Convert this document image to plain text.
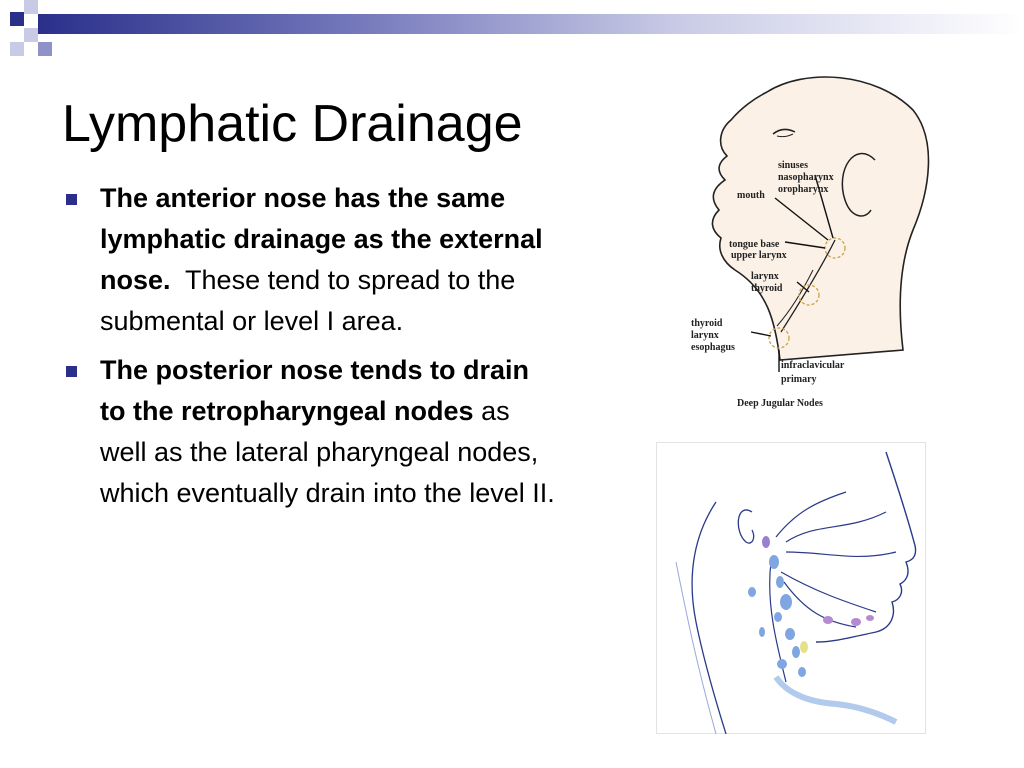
Lymphatic Drainage
The anterior nose has the same lymphatic drainage as the external nose. These tend to spread to the submental or level I area.
The posterior nose tends to drain to the retropharyngeal nodes as well as the lateral pharyngeal nodes, which eventually drain into the level II.
sinuses
nasopharynx
oropharynx
mouth
tongue base
upper larynx
larynx
thyroid
thyroid
larynx
esophagus
infraclavicular
primary
Deep Jugular Nodes
